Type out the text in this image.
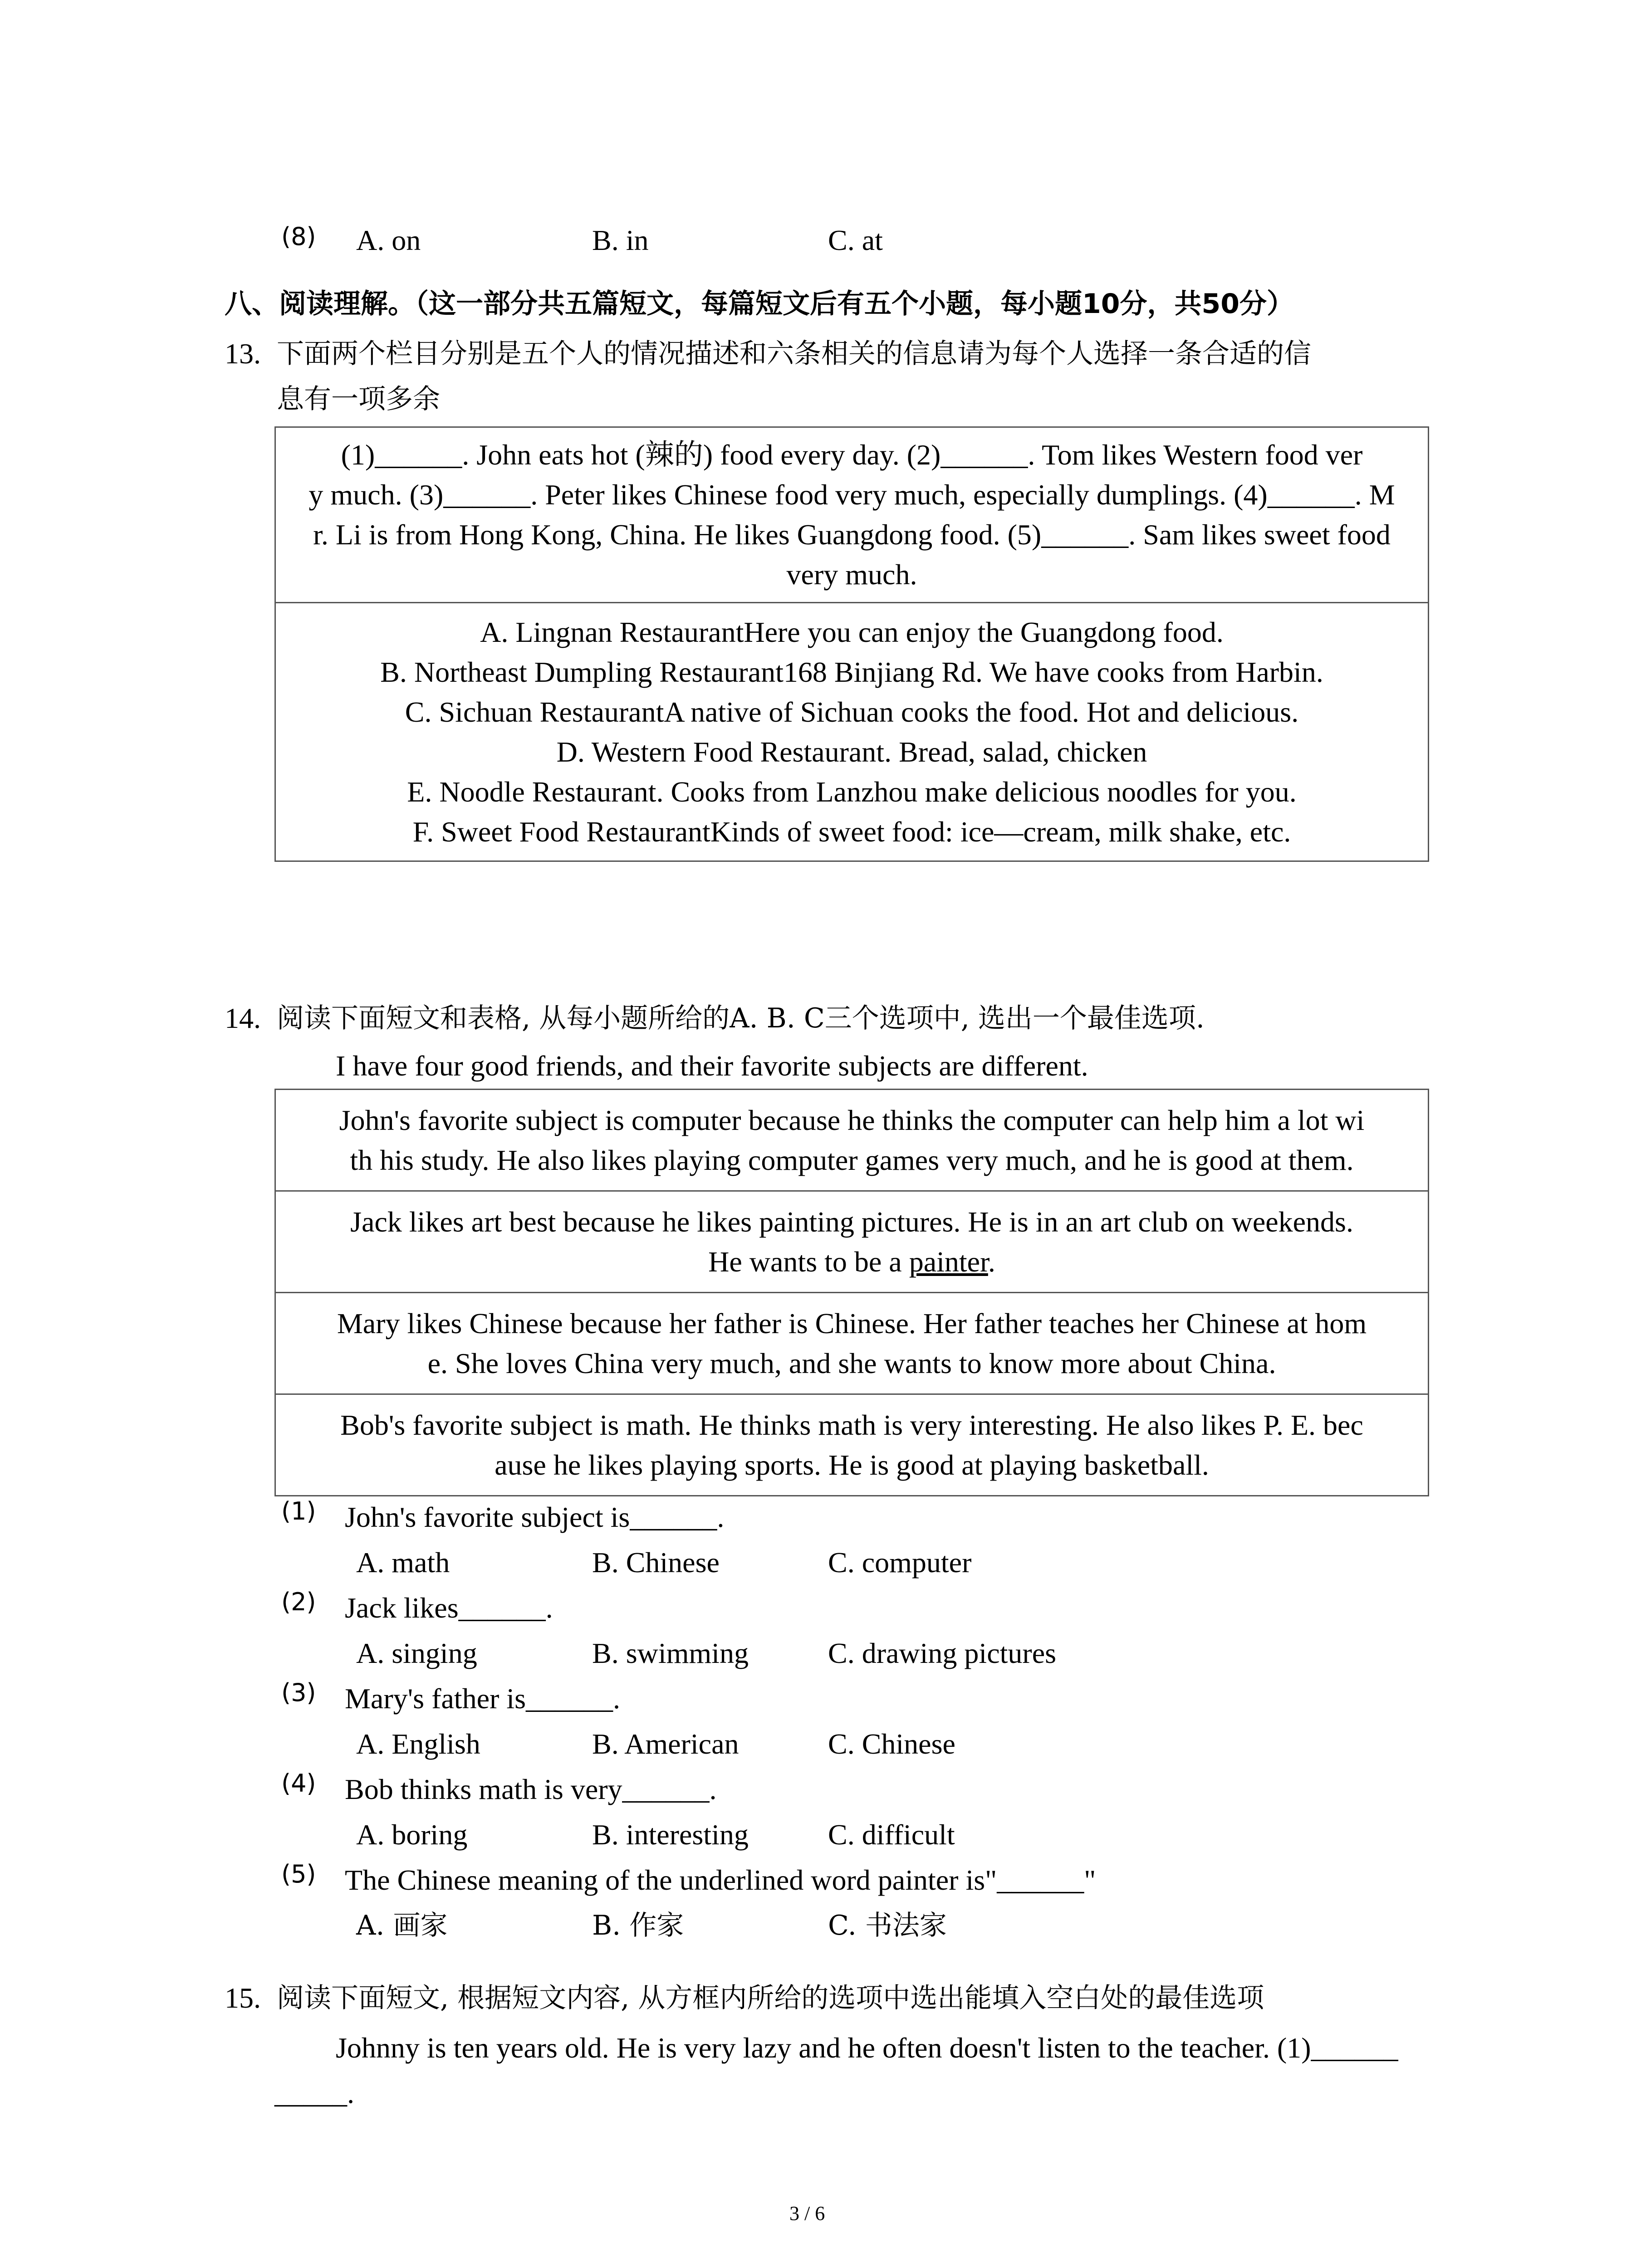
(8) A. on	B. in	C. at
八、阅读理解。（这一部分共五篇短文，每篇短文后有五个小题，每小题10分，共50分）
13. 下面两个栏目分别是五个人的情况描述和六条相关的信息请为每个人选择一条合适的信
息有一项多余
(1)______. John eats hot (辣的) food every day. (2)______. Tom likes Western food ver
y much. (3)______. Peter likes Chinese food very much, especially dumplings. (4)______. M
r. Li is from Hong Kong, China. He likes Guangdong food. (5)______. Sam likes sweet food
very much.
A. Lingnan RestaurantHere you can enjoy the Guangdong food.
B. Northeast Dumpling Restaurant168 Binjiang Rd. We have cooks from Harbin.
C. Sichuan RestaurantA native of Sichuan cooks the food. Hot and delicious.
D. Western Food Restaurant. Bread, salad, chicken
E. Noodle Restaurant. Cooks from Lanzhou make delicious noodles for you.
F. Sweet Food RestaurantKinds of sweet food: ice—cream, milk shake, etc.
14. 阅读下面短文和表格, 从每小题所给的A. B. C三个选项中, 选出一个最佳选项.
I have four good friends, and their favorite subjects are different.
John's favorite subject is computer because he thinks the computer can help him a lot wi
th his study. He also likes playing computer games very much, and he is good at them.
Jack likes art best because he likes painting pictures. He is in an art club on weekends.
He wants to be a painter.
Mary likes Chinese because her father is Chinese. Her father teaches her Chinese at hom
e. She loves China very much, and she wants to know more about China.
Bob's favorite subject is math. He thinks math is very interesting. He also likes P. E. bec
ause he likes playing sports. He is good at playing basketball.
(1) John's favorite subject is______.
A. math	B. Chinese	C. computer
(2) Jack likes______.
A. singing	B. swimming	C. drawing pictures
(3) Mary's father is______.
A. English	B. American	C. Chinese
(4) Bob thinks math is very______.
A. boring	B. interesting	C. difficult
(5) The Chinese meaning of the underlined word painter is"______"
A. 画家	B. 作家	C. 书法家
15. 阅读下面短文, 根据短文内容, 从方框内所给的选项中选出能填入空白处的最佳选项
Johnny is ten years old. He is very lazy and he often doesn't listen to the teacher. (1)______
_____.
3 / 6
